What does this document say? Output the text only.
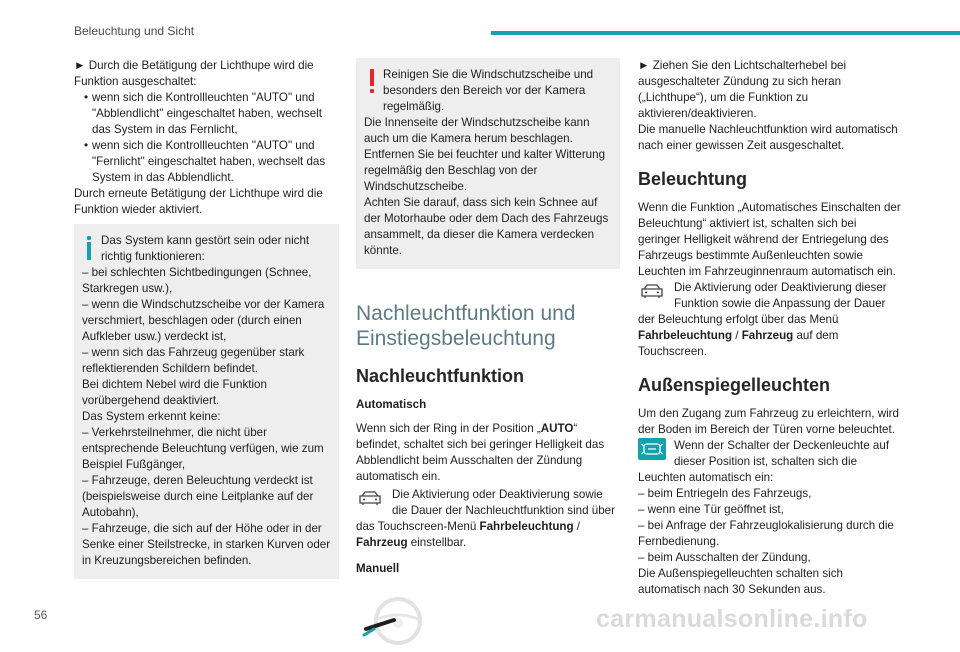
Beleuchtung und Sicht

► Durch die Betätigung der Lichthupe wird die Funktion ausgeschaltet:

• wenn sich die Kontrollleuchten "AUTO" und "Abblendlicht" eingeschaltet haben, wechselt das System in das Fernlicht,
• wenn sich die Kontrollleuchten "AUTO" und "Fernlicht" eingeschaltet haben, wechselt das System in das Abblendlicht.

Durch erneute Betätigung der Lichthupe wird die Funktion wieder aktiviert.

Das System kann gestört sein oder nicht richtig funktionieren:

– bei schlechten Sichtbedingungen (Schnee, Starkregen usw.),

– wenn die Windschutzscheibe vor der Kamera verschmiert, beschlagen oder (durch einen Aufkleber usw.) verdeckt ist,

– wenn sich das Fahrzeug gegenüber stark reflektierenden Schildern befindet.

Bei dichtem Nebel wird die Funktion vorübergehend deaktiviert.

Das System erkennt keine:

– Verkehrsteilnehmer, die nicht über entsprechende Beleuchtung verfügen, wie zum Beispiel Fußgänger,

– Fahrzeuge, deren Beleuchtung verdeckt ist (beispielsweise durch eine Leitplanke auf der Autobahn),

– Fahrzeuge, die sich auf der Höhe oder in der Senke einer Steilstrecke, in starken Kurven oder in Kreuzungsbereichen befinden.

Reinigen Sie die Windschutzscheibe und besonders den Bereich vor der Kamera regelmäßig.

Die Innenseite der Windschutzscheibe kann auch um die Kamera herum beschlagen. Entfernen Sie bei feuchter und kalter Witterung regelmäßig den Beschlag von der Windschutzscheibe.

Achten Sie darauf, dass sich kein Schnee auf der Motorhaube oder dem Dach des Fahrzeugs ansammelt, da dieser die Kamera verdecken könnte.

Nachleuchtfunktion und Einstiegsbeleuchtung
Nachleuchtfunktion
Automatisch

Wenn sich der Ring in der Position „AUTO“ befindet, schaltet sich bei geringer Helligkeit das Abblendlicht beim Ausschalten der Zündung automatisch ein.

Die Aktivierung oder Deaktivierung sowie die Dauer der Nachleuchtfunktion sind über das Touchscreen-Menü Fahrbeleuchtung / Fahrzeug einstellbar.

Manuell

► Ziehen Sie den Lichtschalterhebel bei ausgeschalteter Zündung zu sich heran („Lichthupe“), um die Funktion zu aktivieren/deaktivieren.

Die manuelle Nachleuchtfunktion wird automatisch nach einer gewissen Zeit ausgeschaltet.

Beleuchtung

Wenn die Funktion „Automatisches Einschalten der Beleuchtung“ aktiviert ist, schalten sich bei geringer Helligkeit während der Entriegelung des Fahrzeugs bestimmte Außenleuchten sowie Leuchten im Fahrzeuginnenraum automatisch ein.

Die Aktivierung oder Deaktivierung dieser Funktion sowie die Anpassung der Dauer der Beleuchtung erfolgt über das Menü Fahrbeleuchtung / Fahrzeug auf dem Touchscreen.

Außenspiegelleuchten

Um den Zugang zum Fahrzeug zu erleichtern, wird der Boden im Bereich der Türen vorne beleuchtet.

Wenn der Schalter der Deckenleuchte auf dieser Position ist, schalten sich die Leuchten automatisch ein:

– beim Entriegeln des Fahrzeugs,

– wenn eine Tür geöffnet ist,

– bei Anfrage der Fahrzeuglokalisierung durch die Fernbedienung.

– beim Ausschalten der Zündung,

Die Außenspiegelleuchten schalten sich automatisch nach 30 Sekunden aus.

56	carmanualsonline.info
